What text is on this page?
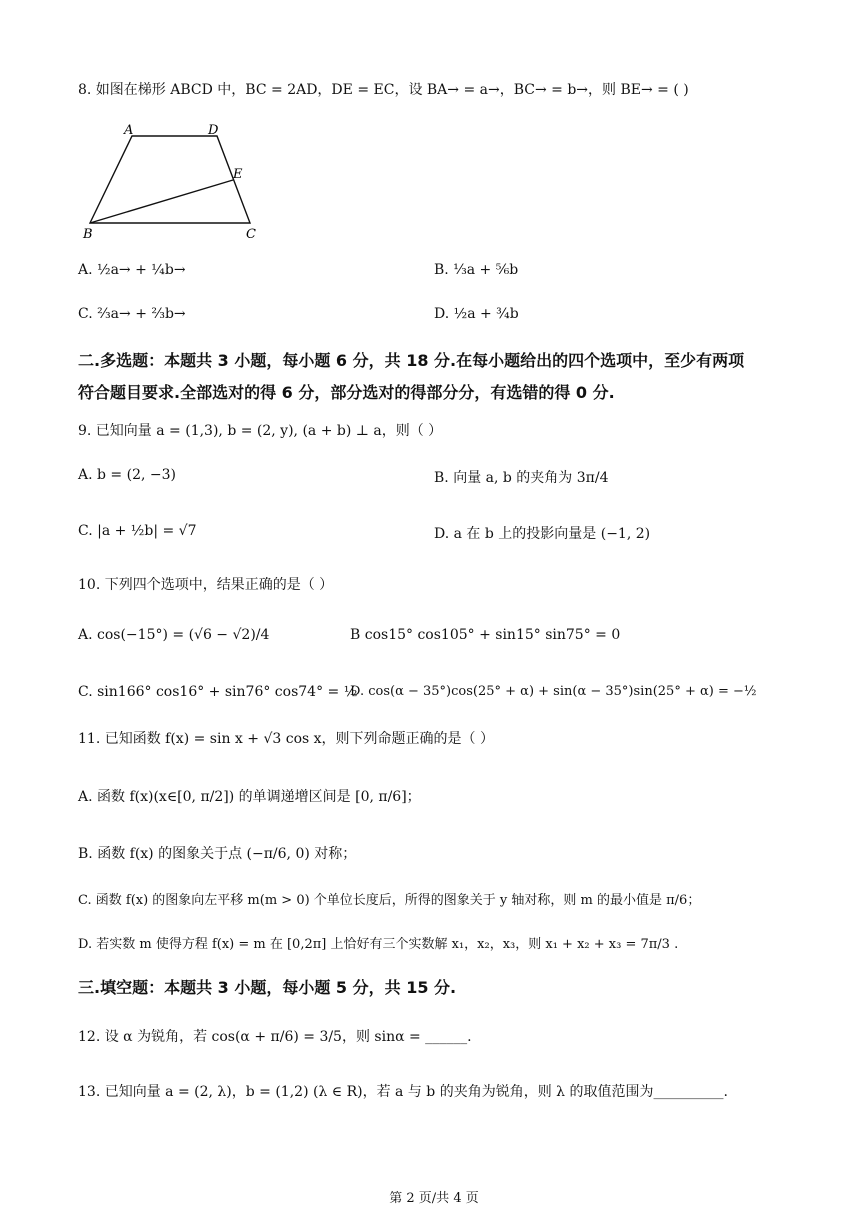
8. 如图在梯形 ABCD 中，BC = 2AD，DE = EC，设 BA→ = a→，BC→ = b→，则 BE→ = ( )
A	D
E
B	C
A. ½a→ + ¼b→	B. ⅓a + ⅚b
C. ⅔a→ + ⅔b→	D. ½a + ¾b
二.多选题：本题共 3 小题，每小题 6 分，共 18 分.在每小题给出的四个选项中，至少有两项
符合题目要求.全部选对的得 6 分，部分选对的得部分分，有选错的得 0 分.
9. 已知向量 a = (1,3), b = (2, y), (a + b) ⊥ a，则（ ）
A. b = (2, −3)	B. 向量 a, b 的夹角为 3π/4
C. |a + ½b| = √7	D. a 在 b 上的投影向量是 (−1, 2)
10. 下列四个选项中，结果正确的是（ ）
A. cos(−15°) = (√6 − √2)/4	B cos15° cos105° + sin15° sin75° = 0
C. sin166° cos16° + sin76° cos74° = ½
D. cos(α − 35°)cos(25° + α) + sin(α − 35°)sin(25° + α) = −½
11. 已知函数 f(x) = sin x + √3 cos x，则下列命题正确的是（ ）
A. 函数 f(x)(x∈[0, π/2]) 的单调递增区间是 [0, π/6]；
B. 函数 f(x) 的图象关于点 (−π/6, 0) 对称；
C. 函数 f(x) 的图象向左平移 m(m > 0) 个单位长度后，所得的图象关于 y 轴对称，则 m 的最小值是 π/6；
D. 若实数 m 使得方程 f(x) = m 在 [0,2π] 上恰好有三个实数解 x₁，x₂，x₃，则 x₁ + x₂ + x₃ = 7π/3 .
三.填空题：本题共 3 小题，每小题 5 分，共 15 分.
12. 设 α 为锐角，若 cos(α + π/6) = 3/5，则 sinα = ______.
13. 已知向量 a = (2, λ)，b = (1,2) (λ ∈ R)，若 a 与 b 的夹角为锐角，则 λ 的取值范围为__________.
第 2 页/共 4 页
